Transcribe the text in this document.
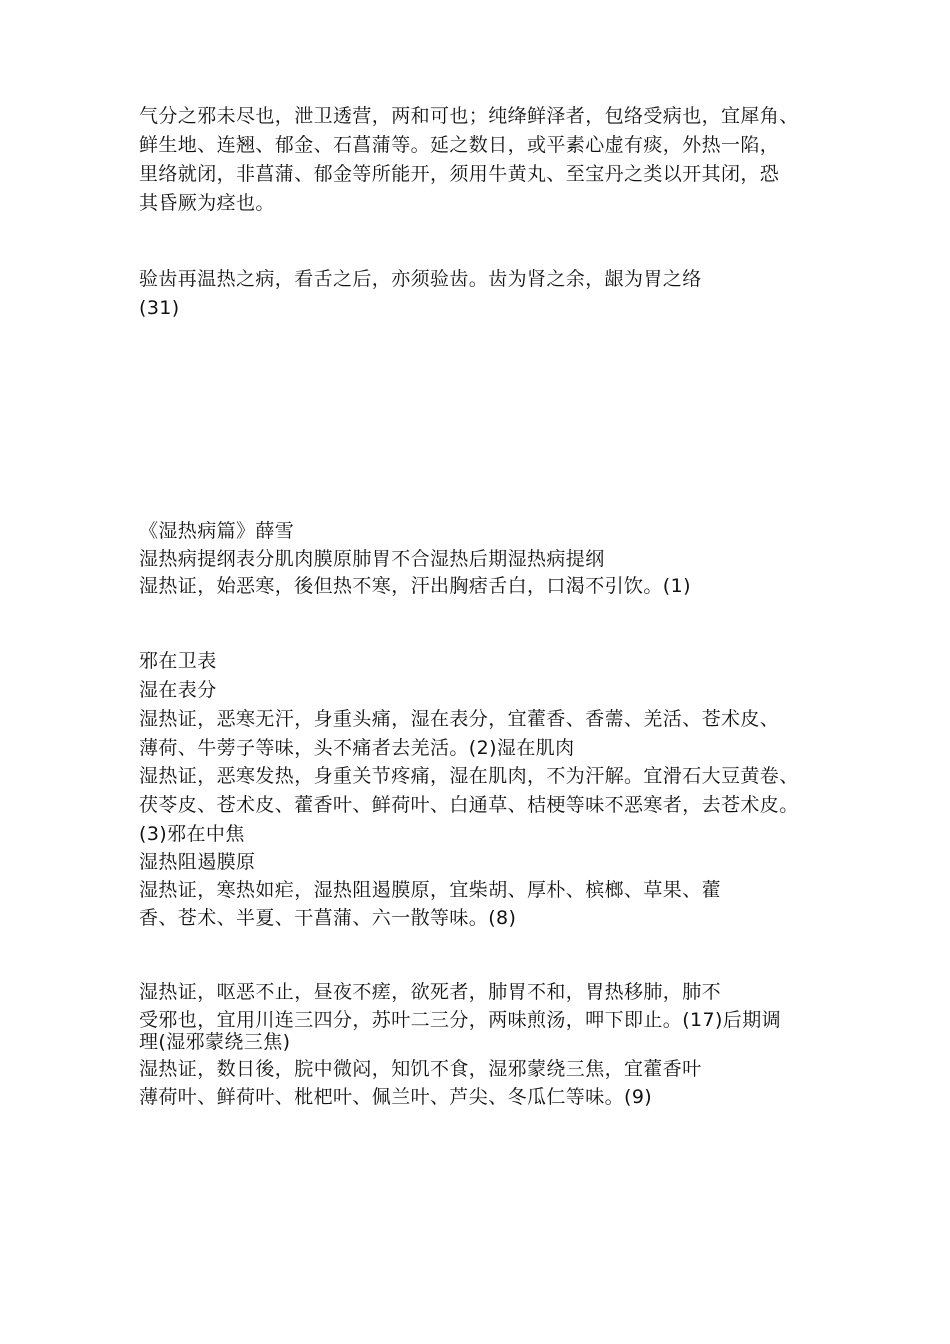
气分之邪未尽也，泄卫透营，两和可也；纯绛鲜泽者，包络受病也，宜犀角、
鲜生地、连翘、郁金、石菖蒲等。延之数日，或平素心虚有痰，外热一陷，
里络就闭，非菖蒲、郁金等所能开，须用牛黄丸、至宝丹之类以开其闭，恐
其昏厥为痉也。
验齿再温热之病，看舌之后，亦须验齿。齿为肾之余，龈为胃之络
(31)
《湿热病篇》薛雪
湿热病提纲表分肌肉膜原肺胃不合湿热后期湿热病提纲
湿热证，始恶寒，後但热不寒，汗出胸痞舌白，口渴不引饮。(1)
邪在卫表
湿在表分
湿热证，恶寒无汗，身重头痛，湿在表分，宜藿香、香薷、羌活、苍术皮、
薄荷、牛蒡子等味，头不痛者去羌活。(2)湿在肌肉
湿热证，恶寒发热，身重关节疼痛，湿在肌肉，不为汗解。宜滑石大豆黄卷、
茯苓皮、苍术皮、藿香叶、鲜荷叶、白通草、桔梗等味不恶寒者，去苍术皮。
(3)邪在中焦
湿热阻遏膜原
湿热证，寒热如疟，湿热阻遏膜原，宜柴胡、厚朴、槟榔、草果、藿
香、苍术、半夏、干菖蒲、六一散等味。(8)
湿热证，呕恶不止，昼夜不瘥，欲死者，肺胃不和，胃热移肺，肺不
受邪也，宜用川连三四分，苏叶二三分，两味煎汤，呷下即止。(17)后期调
理(湿邪蒙绕三焦)
湿热证，数日後，脘中微闷，知饥不食，湿邪蒙绕三焦，宜藿香叶
薄荷叶、鲜荷叶、枇杷叶、佩兰叶、芦尖、冬瓜仁等味。(9)
